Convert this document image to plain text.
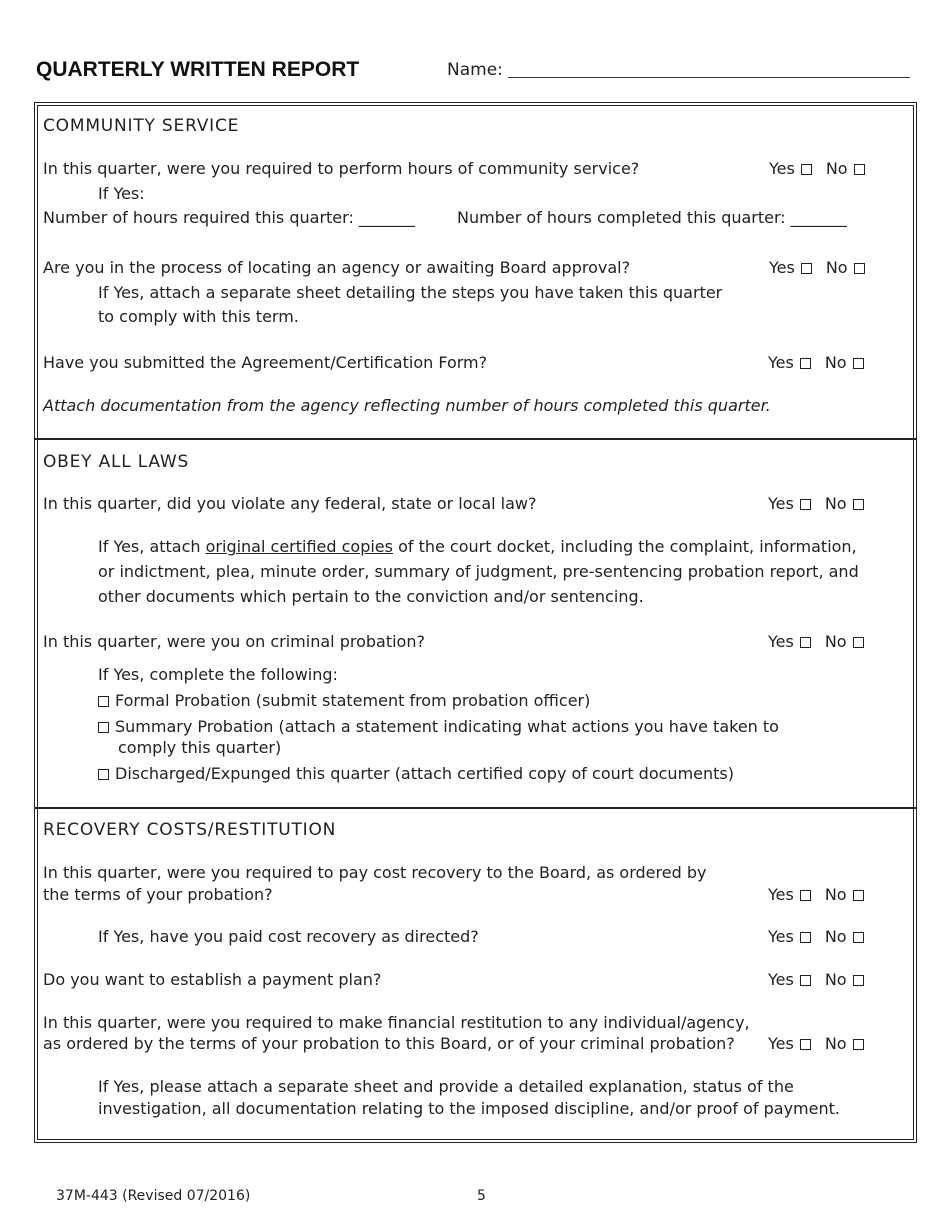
QUARTERLY WRITTEN REPORT	Name:
COMMUNITY SERVICE
In this quarter, were you required to perform hours of community service?	Yes No
If Yes:
Number of hours required this quarter: _______	Number of hours completed this quarter: _______
Are you in the process of locating an agency or awaiting Board approval?	Yes No
If Yes, attach a separate sheet detailing the steps you have taken this quarter
to comply with this term.
Have you submitted the Agreement/Certification Form?	Yes No
Attach documentation from the agency reflecting number of hours completed this quarter.
OBEY ALL LAWS
In this quarter, did you violate any federal, state or local law?	Yes No
If Yes, attach original certified copies of the court docket, including the complaint, information,
or indictment, plea, minute order, summary of judgment, pre-sentencing probation report, and
other documents which pertain to the conviction and/or sentencing.
In this quarter, were you on criminal probation?	Yes No
If Yes, complete the following:
Formal Probation (submit statement from probation officer)
Summary Probation (attach a statement indicating what actions you have taken to
comply this quarter)
Discharged/Expunged this quarter (attach certified copy of court documents)
RECOVERY COSTS/RESTITUTION
In this quarter, were you required to pay cost recovery to the Board, as ordered by
the terms of your probation?	Yes No
If Yes, have you paid cost recovery as directed?	Yes No
Do you want to establish a payment plan?	Yes No
In this quarter, were you required to make financial restitution to any individual/agency,
as ordered by the terms of your probation to this Board, or of your criminal probation? Yes No
If Yes, please attach a separate sheet and provide a detailed explanation, status of the
investigation, all documentation relating to the imposed discipline, and/or proof of payment.
37M-443 (Revised 07/2016)	5
